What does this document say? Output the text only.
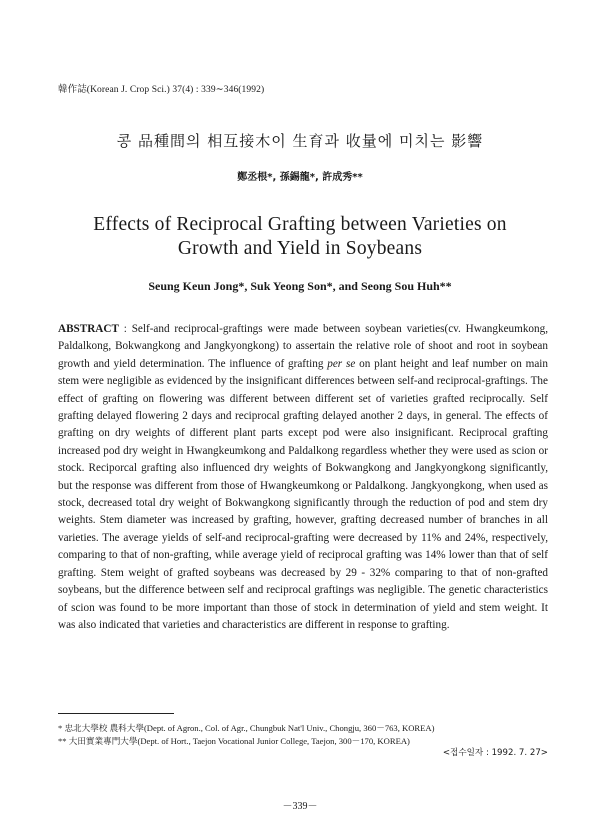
韓作誌(Korean J. Crop Sci.) 37(4) : 339∼346(1992)
콩 品種間의 相互接木이 生育과 收量에 미치는 影響
鄭丞根*, 孫錫龍*, 許成秀**
Effects of Reciprocal Grafting between Varieties on
Growth and Yield in Soybeans
Seung Keun Jong*, Suk Yeong Son*, and Seong Sou Huh**
ABSTRACT : Self-and reciprocal-graftings were made between soybean varieties(cv. Hwangkeumkong, Paldalkong, Bokwangkong and Jangkyongkong) to assertain the relative role of shoot and root in soybean growth and yield determination. The influence of grafting per se on plant height and leaf number on main stem were negligible as evidenced by the insignificant differences between self-and reciprocal-graftings. The effect of grafting on flowering was different between different set of varieties grafted reciprocally. Self grafting delayed flowering 2 days and reciprocal grafting delayed another 2 days, in general. The effects of grafting on dry weights of different plant parts except pod were also insignificant. Reciprocal grafting increased pod dry weight in Hwangkeumkong and Paldalkong regardless whether they were used as scion or stock. Reciporcal grafting also influenced dry weights of Bokwangkong and Jangkyongkong significantly, but the response was different from those of Hwangkeumkong or Paldalkong. Jangkyongkong, when used as stock, decreased total dry weight of Bokwangkong significantly through the reduction of pod and stem dry weights. Stem diameter was increased by grafting, however, grafting decreased number of branches in all varieties. The average yields of self-and reciprocal-grafting were decreased by 11% and 24%, respectively, comparing to that of non-grafting, while average yield of reciprocal grafting was 14% lower than that of self grafting. Stem weight of grafted soybeans was decreased by 29 - 32% comparing to that of non-grafted soybeans, but the difference between self and reciprocal graftings was negligible. The genetic characteristics of scion was found to be more important than those of stock in determination of yield and stem weight. It was also indicated that varieties and characteristics are different in response to grafting.
* 忠北大學校 農科大學(Dept. of Agron., Col. of Agr., Chungbuk Nat'l Univ., Chongju, 360－763, KOREA)
** 大田實業專門大學(Dept. of Hort., Taejon Vocational Junior College, Taejon, 300－170, KOREA)
<접수일자 : 1992. 7. 27>
－339－
